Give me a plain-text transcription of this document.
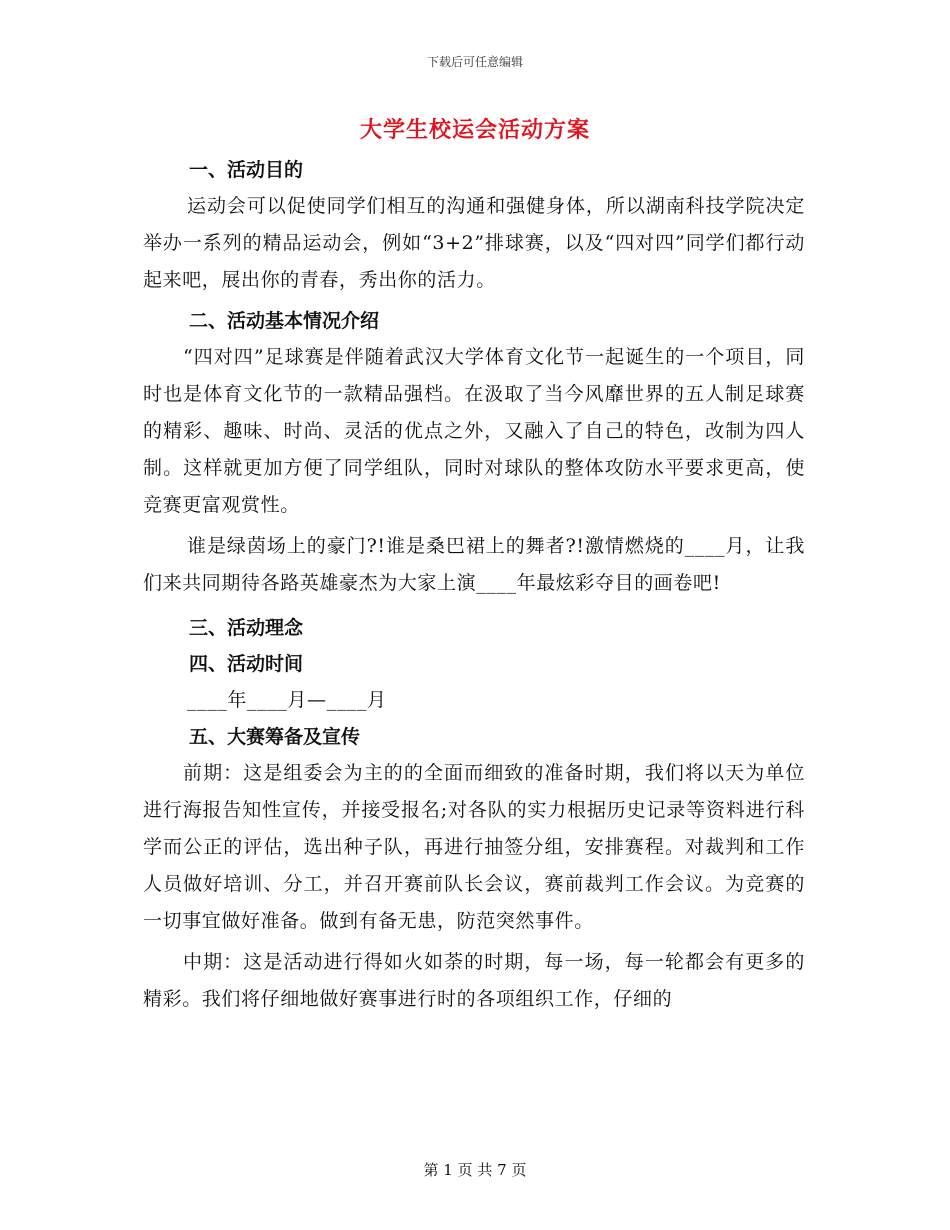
下载后可任意编辑
大学生校运会活动方案

一、活动目的

运动会可以促使同学们相互的沟通和强健身体，所以湖南科技学院决定举办一系列的精品运动会，例如“3+2”排球赛，以及“四对四”同学们都行动起来吧，展出你的青春，秀出你的活力。

二、活动基本情况介绍

“四对四”足球赛是伴随着武汉大学体育文化节一起诞生的一个项目，同时也是体育文化节的一款精品强档。在汲取了当今风靡世界的五人制足球赛的精彩、趣味、时尚、灵活的优点之外，又融入了自己的特色，改制为四人制。这样就更加方便了同学组队，同时对球队的整体攻防水平要求更高，使竞赛更富观赏性。

谁是绿茵场上的豪门?!谁是桑巴裙上的舞者?!激情燃烧的____月，让我们来共同期待各路英雄豪杰为大家上演____年最炫彩夺目的画卷吧!

三、活动理念

四、活动时间

____年____月—____月

五、大赛筹备及宣传

前期：这是组委会为主的的全面而细致的准备时期，我们将以天为单位进行海报告知性宣传，并接受报名;对各队的实力根据历史记录等资料进行科学而公正的评估，选出种子队，再进行抽签分组，安排赛程。对裁判和工作人员做好培训、分工，并召开赛前队长会议，赛前裁判工作会议。为竞赛的一切事宜做好准备。做到有备无患，防范突然事件。

中期：这是活动进行得如火如荼的时期，每一场，每一轮都会有更多的精彩。我们将仔细地做好赛事进行时的各项组织工作，仔细的

第 1 页 共 7 页
